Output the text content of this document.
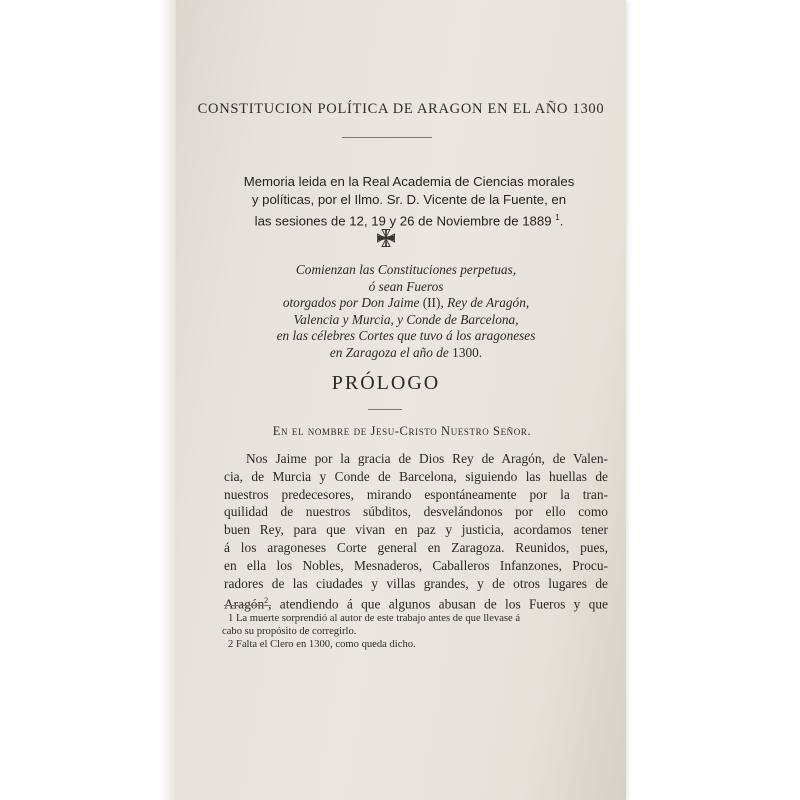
CONSTITUCION POLÍTICA DE ARAGON EN EL AÑO 1300
Memoria leida en la Real Academia de Ciencias morales
y políticas, por el Ilmo. Sr. D. Vicente de la Fuente, en
las sesiones de 12, 19 y 26 de Noviembre de 1889 $^1$.
Comienzan las Constituciones perpetuas,
ó sean Fueros
otorgados por Don Jaime (II), Rey de Aragón,
Valencia y Murcia, y Conde de Barcelona,
en las célebres Cortes que tuvo á los aragoneses
en Zaragoza el año de 1300.
PRÓLOGO
En el nombre de Jesu-Cristo Nuestro Señor.
Nos Jaime por la gracia de Dios Rey de Aragón, de Valen-
cia, de Murcia y Conde de Barcelona, siguiendo las huellas de
nuestros predecesores, mirando espontáneamente por la tran-
quilidad de nuestros súbditos, desvelándonos por ello como
buen Rey, para que vivan en paz y justicia, acordamos tener
á los aragoneses Corte general en Zaragoza. Reunidos, pues,
en ella los Nobles, Mesnaderos, Caballeros Infanzones, Procu-
radores de las ciudades y villas grandes, y de otros lugares de
Aragón$^2$, atendiendo á que algunos abusan de los Fueros y que
1 La muerte sorprendió al autor de este trabajo antes de que llevase á
cabo su propósito de corregirlo.
2 Falta el Clero en 1300, como queda dicho.
